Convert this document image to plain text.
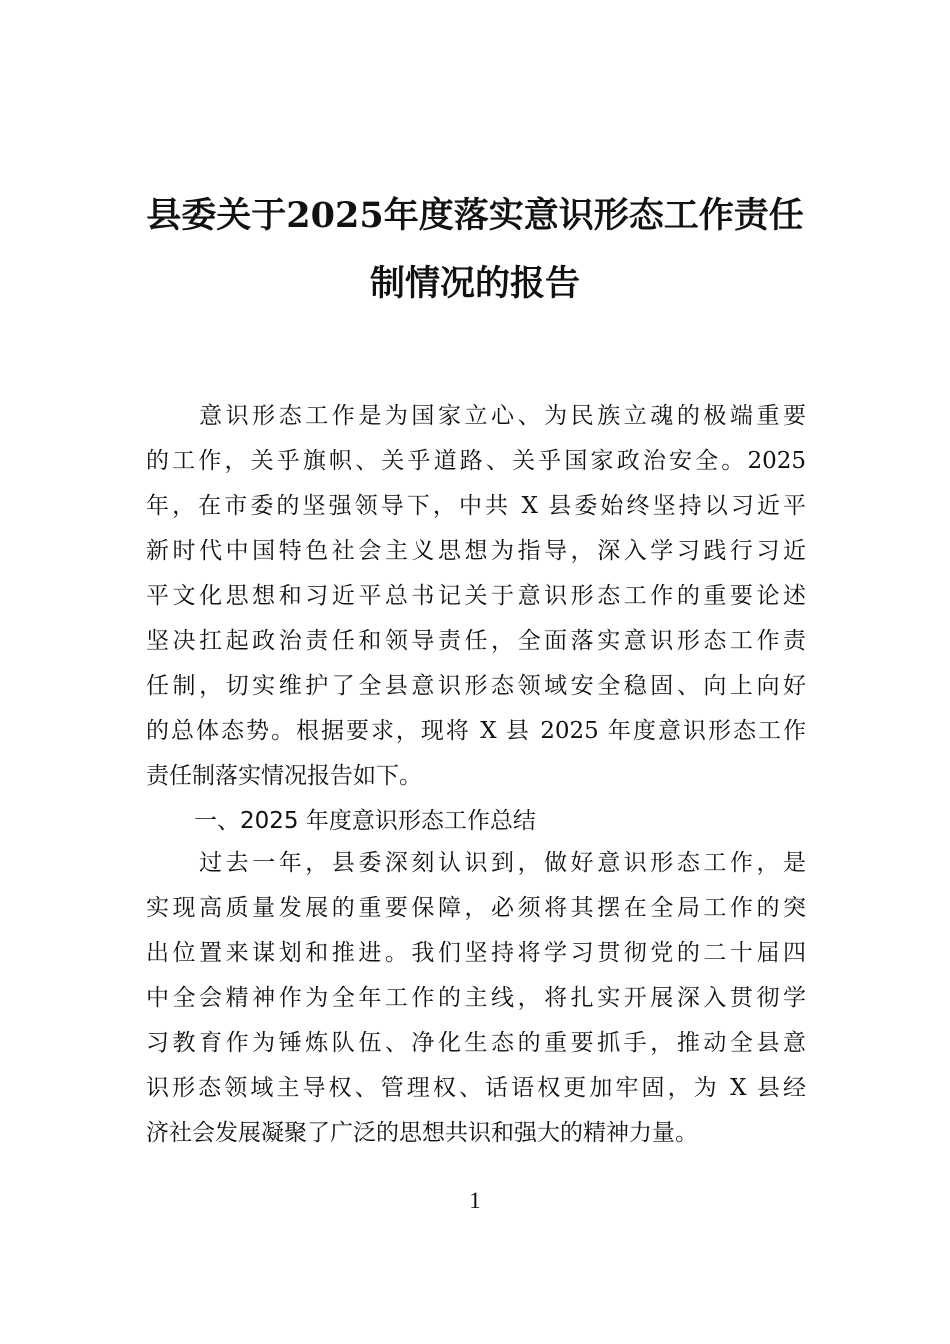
县委关于2025年度落实意识形态工作责任
制情况的报告
　　意识形态工作是为国家立心、为民族立魂的极端重要
的工作，关乎旗帜、关乎道路、关乎国家政治安全。2025
年，在市委的坚强领导下，中共 X 县委始终坚持以习近平
新时代中国特色社会主义思想为指导，深入学习践行习近
平文化思想和习近平总书记关于意识形态工作的重要论述
坚决扛起政治责任和领导责任，全面落实意识形态工作责
任制，切实维护了全县意识形态领域安全稳固、向上向好
的总体态势。根据要求，现将 X 县 2025 年度意识形态工作
责任制落实情况报告如下。
一、2025 年度意识形态工作总结
　　过去一年，县委深刻认识到，做好意识形态工作，是
实现高质量发展的重要保障，必须将其摆在全局工作的突
出位置来谋划和推进。我们坚持将学习贯彻党的二十届四
中全会精神作为全年工作的主线，将扎实开展深入贯彻学
习教育作为锤炼队伍、净化生态的重要抓手，推动全县意
识形态领域主导权、管理权、话语权更加牢固，为 X 县经
济社会发展凝聚了广泛的思想共识和强大的精神力量。
1
